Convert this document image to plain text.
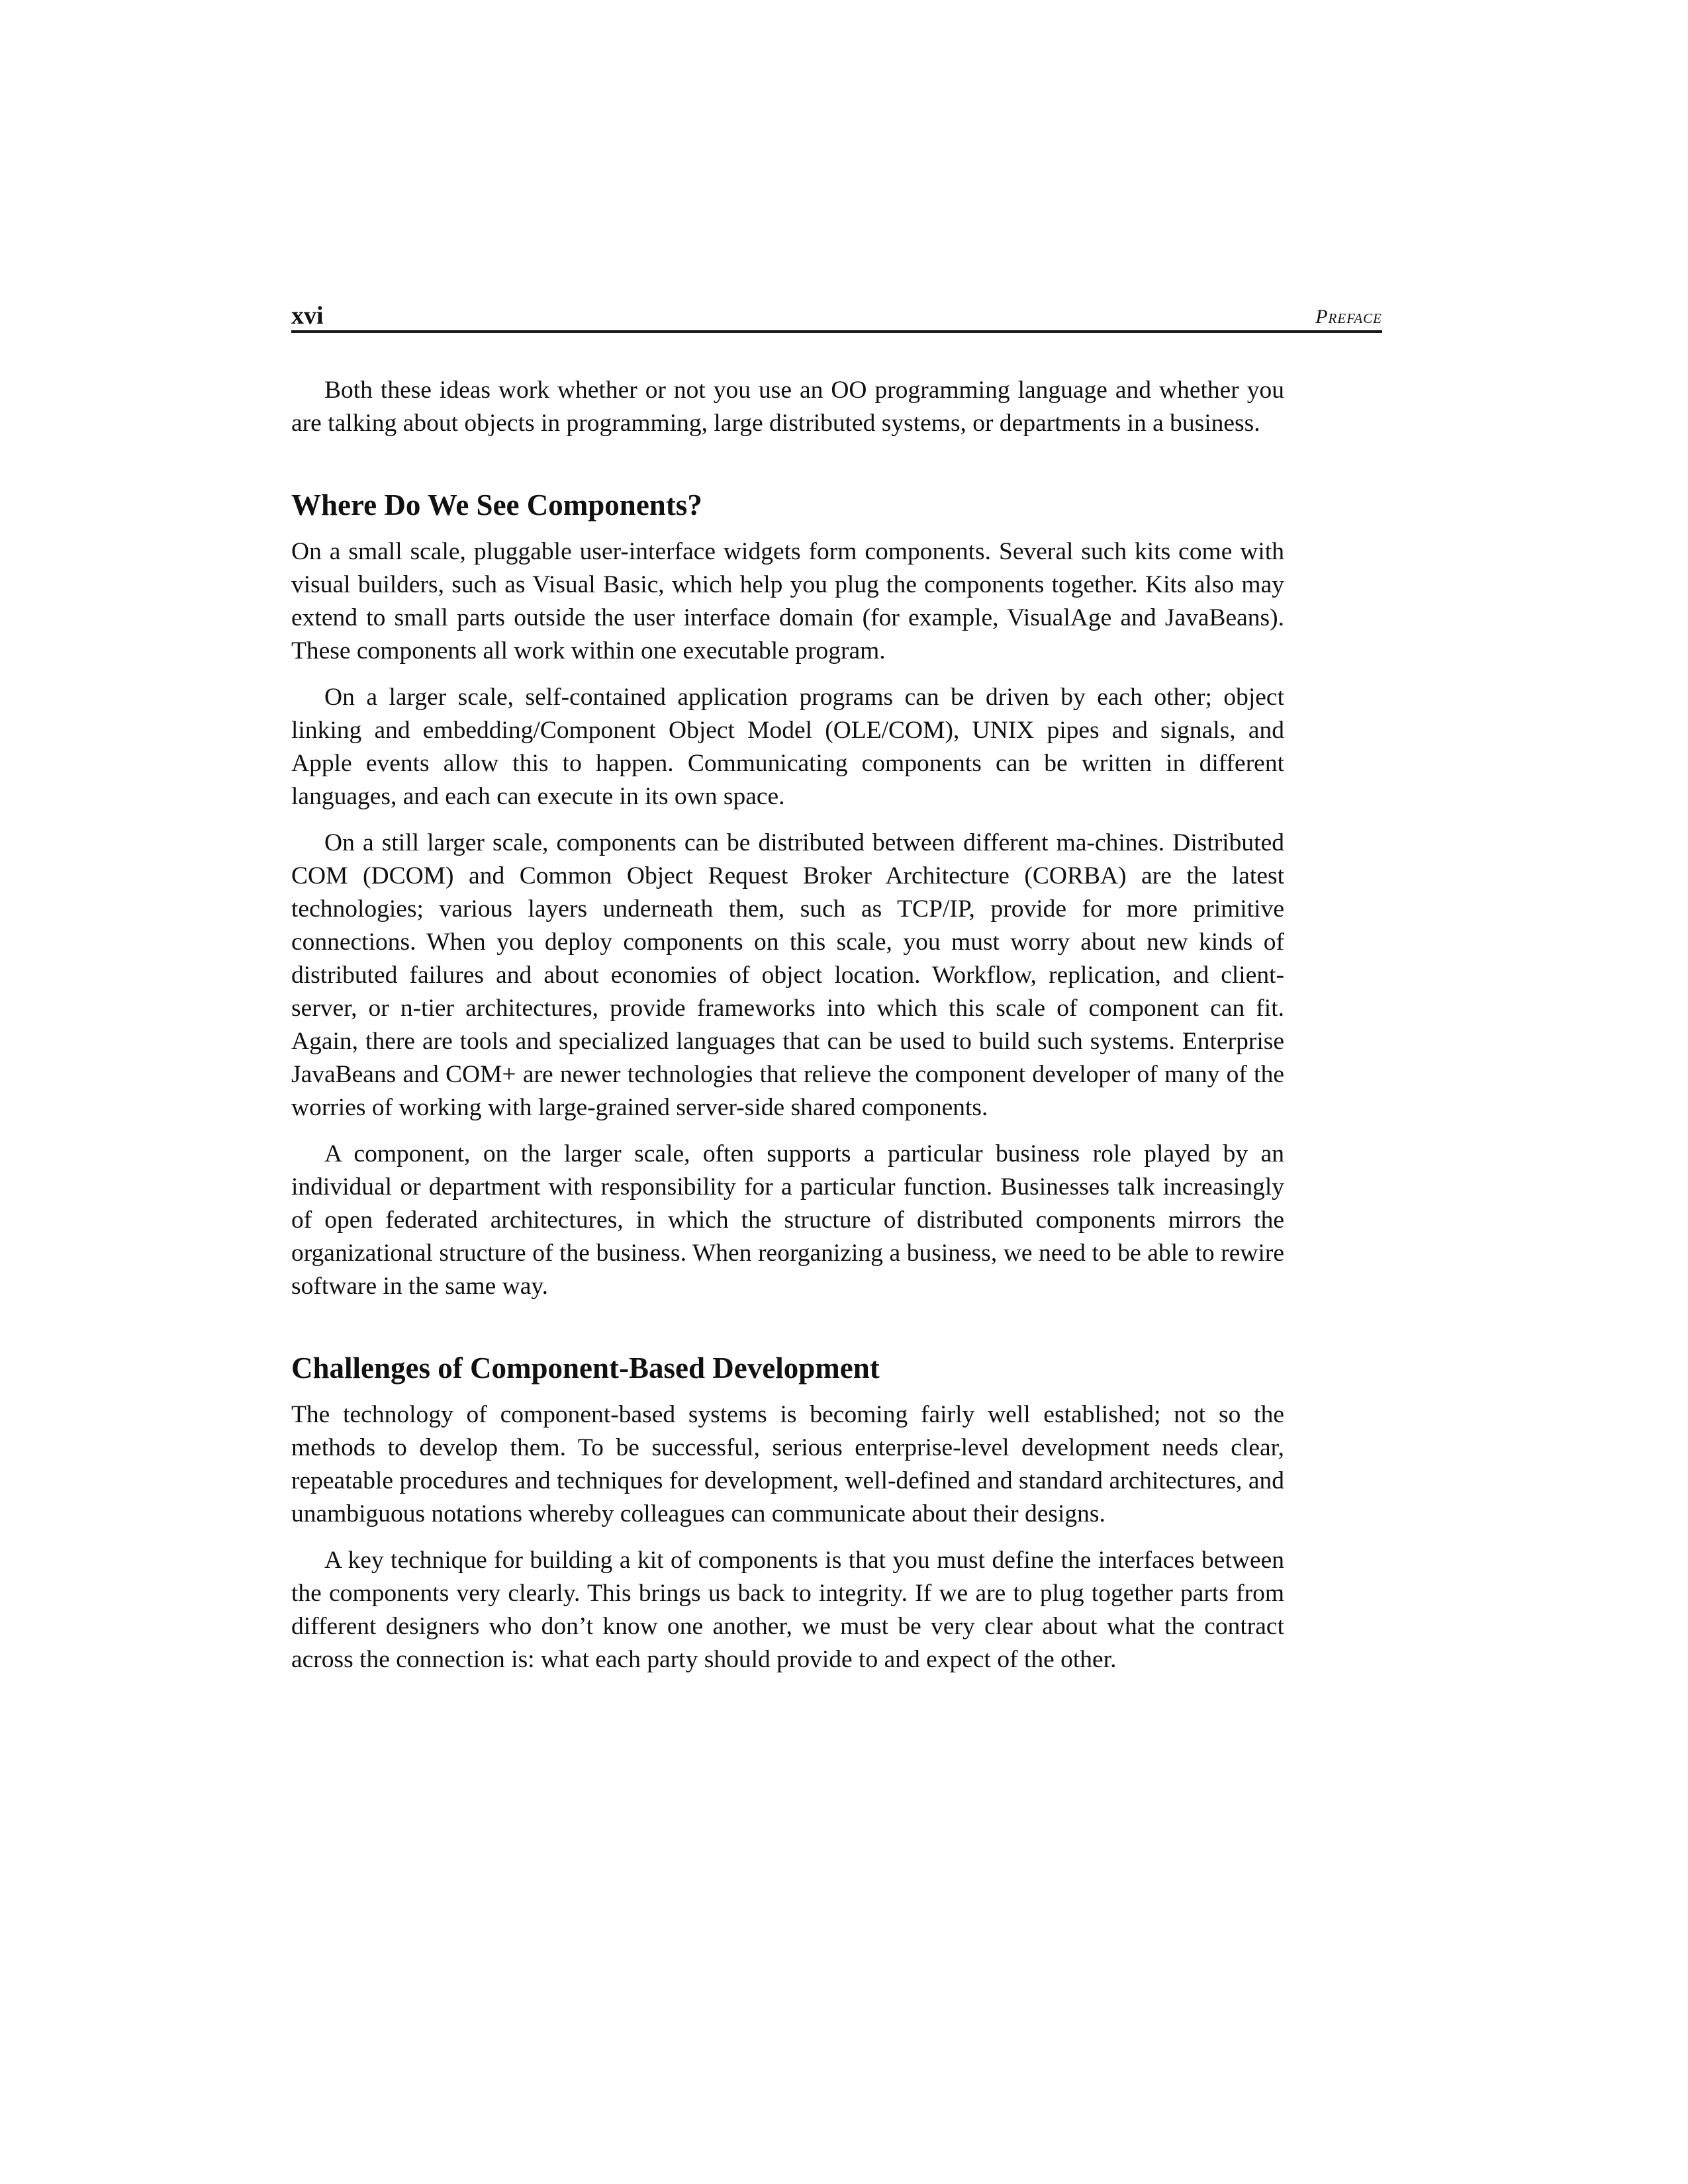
xvi	Preface

Both these ideas work whether or not you use an OO programming language and whether you are talking about objects in programming, large distributed systems, or departments in a business.

Where Do We See Components?

On a small scale, pluggable user-interface widgets form components. Several such kits come with visual builders, such as Visual Basic, which help you plug the components together. Kits also may extend to small parts outside the user interface domain (for example, VisualAge and JavaBeans). These components all work within one executable program.

On a larger scale, self-contained application programs can be driven by each other; object linking and embedding/Component Object Model (OLE/COM), UNIX pipes and signals, and Apple events allow this to happen. Communicating components can be written in different languages, and each can execute in its own space.

On a still larger scale, components can be distributed between different ma-chines. Distributed COM (DCOM) and Common Object Request Broker Architecture (CORBA) are the latest technologies; various layers underneath them, such as TCP/IP, provide for more primitive connections. When you deploy components on this scale, you must worry about new kinds of distributed failures and about economies of object location. Workflow, replication, and client-server, or n-tier architectures, provide frameworks into which this scale of component can fit. Again, there are tools and specialized languages that can be used to build such systems. Enterprise JavaBeans and COM+ are newer technologies that relieve the component developer of many of the worries of working with large-grained server-side shared components.

A component, on the larger scale, often supports a particular business role played by an individual or department with responsibility for a particular function. Businesses talk increasingly of open federated architectures, in which the structure of distributed components mirrors the organizational structure of the business. When reorganizing a business, we need to be able to rewire software in the same way.

Challenges of Component-Based Development

The technology of component-based systems is becoming fairly well established; not so the methods to develop them. To be successful, serious enterprise-level development needs clear, repeatable procedures and techniques for development, well-defined and standard architectures, and unambiguous notations whereby colleagues can communicate about their designs.

A key technique for building a kit of components is that you must define the interfaces between the components very clearly. This brings us back to integrity. If we are to plug together parts from different designers who don’t know one another, we must be very clear about what the contract across the connection is: what each party should provide to and expect of the other.
